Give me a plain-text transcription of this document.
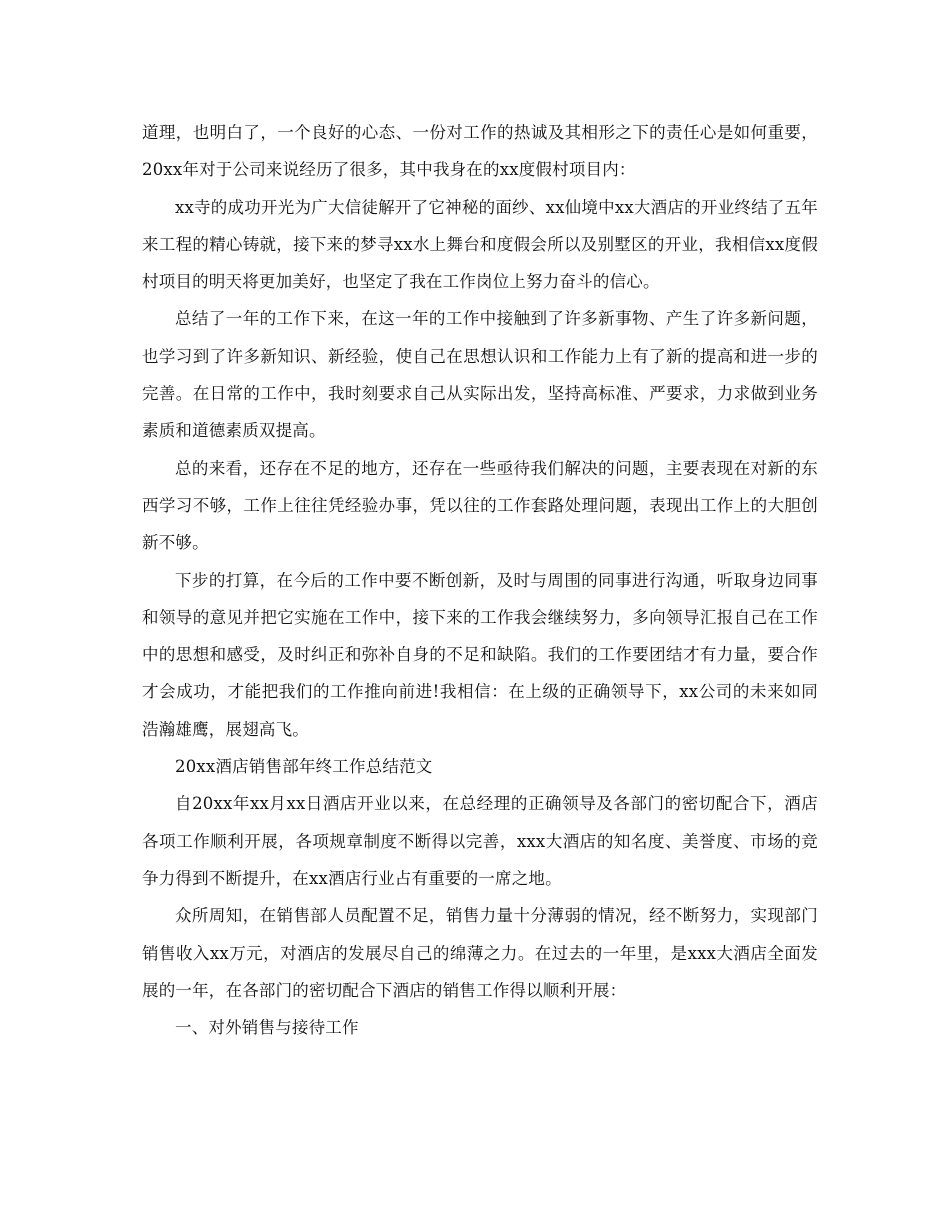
道理，也明白了，一个良好的心态、一份对工作的热诚及其相形之下的责任心是如何重要，20xx年对于公司来说经历了很多，其中我身在的xx度假村项目内：

xx寺的成功开光为广大信徒解开了它神秘的面纱、xx仙境中xx大酒店的开业终结了五年来工程的精心铸就，接下来的梦寻xx水上舞台和度假会所以及别墅区的开业，我相信xx度假村项目的明天将更加美好，也坚定了我在工作岗位上努力奋斗的信心。

总结了一年的工作下来，在这一年的工作中接触到了许多新事物、产生了许多新问题，也学习到了许多新知识、新经验，使自己在思想认识和工作能力上有了新的提高和进一步的完善。在日常的工作中，我时刻要求自己从实际出发，坚持高标准、严要求，力求做到业务素质和道德素质双提高。

总的来看，还存在不足的地方，还存在一些亟待我们解决的问题，主要表现在对新的东西学习不够，工作上往往凭经验办事，凭以往的工作套路处理问题，表现出工作上的大胆创新不够。

下步的打算，在今后的工作中要不断创新，及时与周围的同事进行沟通，听取身边同事和领导的意见并把它实施在工作中，接下来的工作我会继续努力，多向领导汇报自己在工作中的思想和感受，及时纠正和弥补自身的不足和缺陷。我们的工作要团结才有力量，要合作才会成功，才能把我们的工作推向前进!我相信：在上级的正确领导下，xx公司的未来如同浩瀚雄鹰，展翅高飞。

20xx酒店销售部年终工作总结范文

自20xx年xx月xx日酒店开业以来，在总经理的正确领导及各部门的密切配合下，酒店各项工作顺利开展，各项规章制度不断得以完善，xxx大酒店的知名度、美誉度、市场的竞争力得到不断提升，在xx酒店行业占有重要的一席之地。

众所周知，在销售部人员配置不足，销售力量十分薄弱的情况，经不断努力，实现部门销售收入xx万元，对酒店的发展尽自己的绵薄之力。在过去的一年里，是xxx大酒店全面发展的一年，在各部门的密切配合下酒店的销售工作得以顺利开展：

一、对外销售与接待工作
